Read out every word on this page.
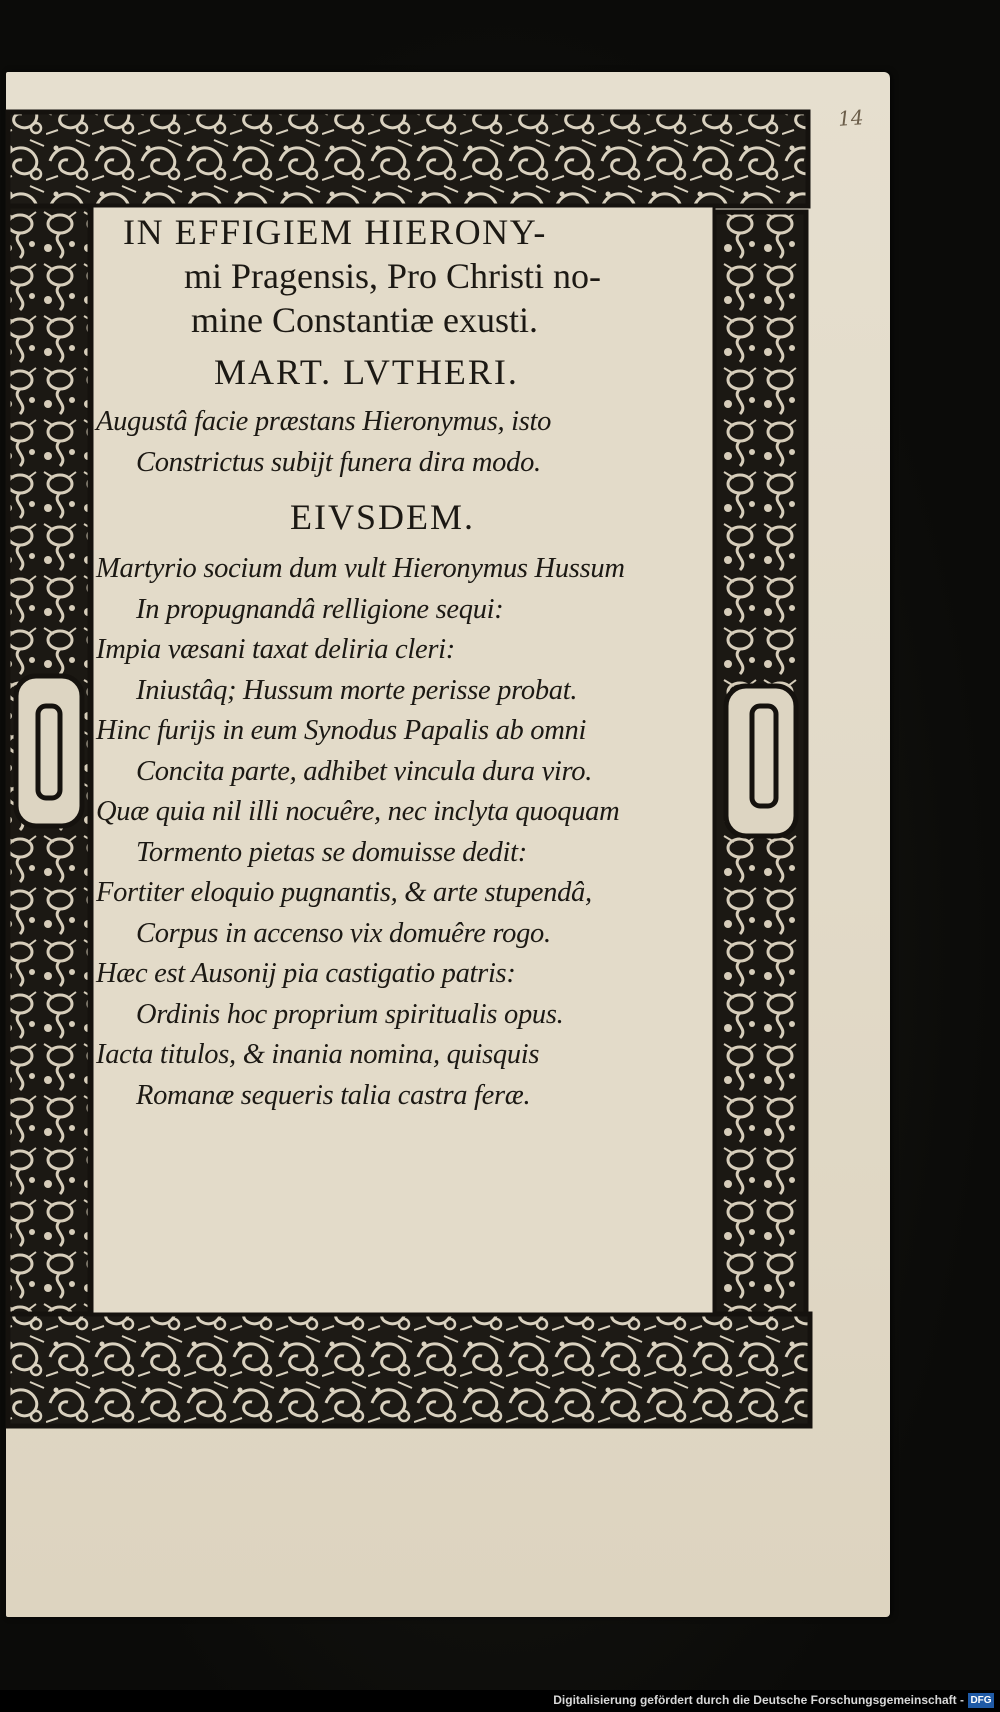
14
IN EFFIGIEM HIERONY-
mi Pragensis, Pro Christi no-
mine Constantiæ exusti.
MART. LVTHERI.
Augustâ facie præstans Hieronymus, isto
Constrictus subijt funera dira modo.
EIVSDEM.
Martyrio socium dum vult Hieronymus Hussum
In propugnandâ relligione sequi:
Impia væsani taxat deliria cleri:
Iniustâq; Hussum morte perisse probat.
Hinc furijs in eum Synodus Papalis ab omni
Concita parte, adhibet vincula dura viro.
Quæ quia nil illi nocuêre, nec inclyta quoquam
Tormento pietas se domuisse dedit:
Fortiter eloquio pugnantis, & arte stupendâ,
Corpus in accenso vix domuêre rogo.
Hæc est Ausonij pia castigatio patris:
Ordinis hoc proprium spiritualis opus.
Iacta titulos, & inania nomina, quisquis
Romanæ sequeris talia castra feræ.
Digitalisierung gefördert durch die Deutsche Forschungsgemeinschaft - DFG
